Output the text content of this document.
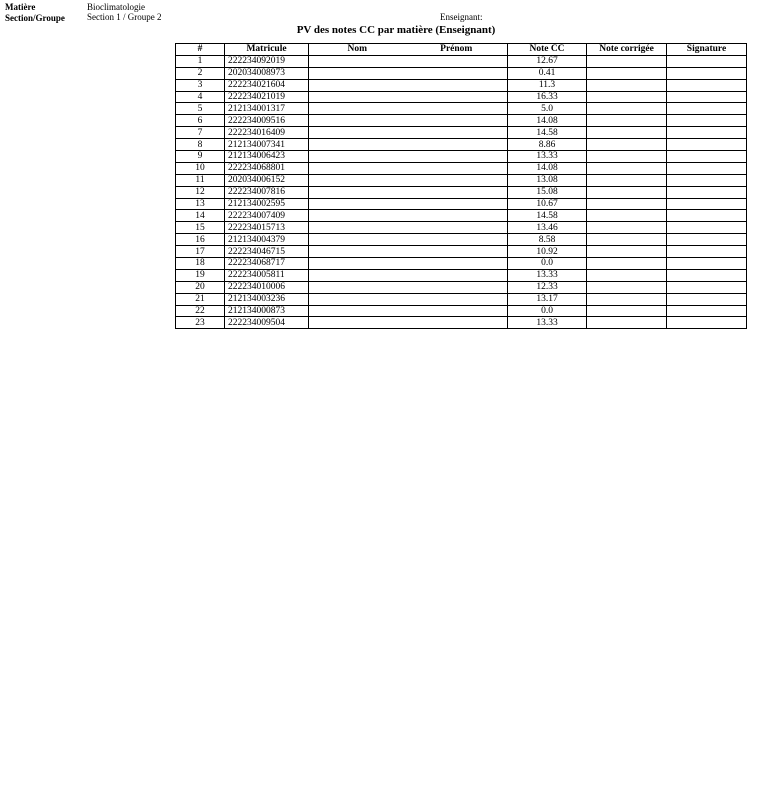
Matière	Bioclimatologie
Section/Groupe Section 1 / Groupe 2	Enseignant:
PV des notes CC par matière (Enseignant)
#	Matricule	Nom	Prénom	Note CC	Note corrigée	Signature
1	222234092019			12.67		
2	202034008973			0.41		
3	222234021604			11.3		
4	222234021019			16.33		
5	212134001317			5.0		
6	222234009516			14.08		
7	222234016409			14.58		
8	212134007341			8.86		
9	212134006423			13.33		
10	222234068801			14.08		
11	202034006152			13.08		
12	222234007816			15.08		
13	212134002595			10.67		
14	222234007409			14.58		
15	222234015713			13.46		
16	212134004379			8.58		
17	222234046715			10.92		
18	222234068717			0.0		
19	222234005811			13.33		
20	222234010006			12.33		
21	212134003236			13.17		
22	212134000873			0.0		
23	222234009504			13.33		
